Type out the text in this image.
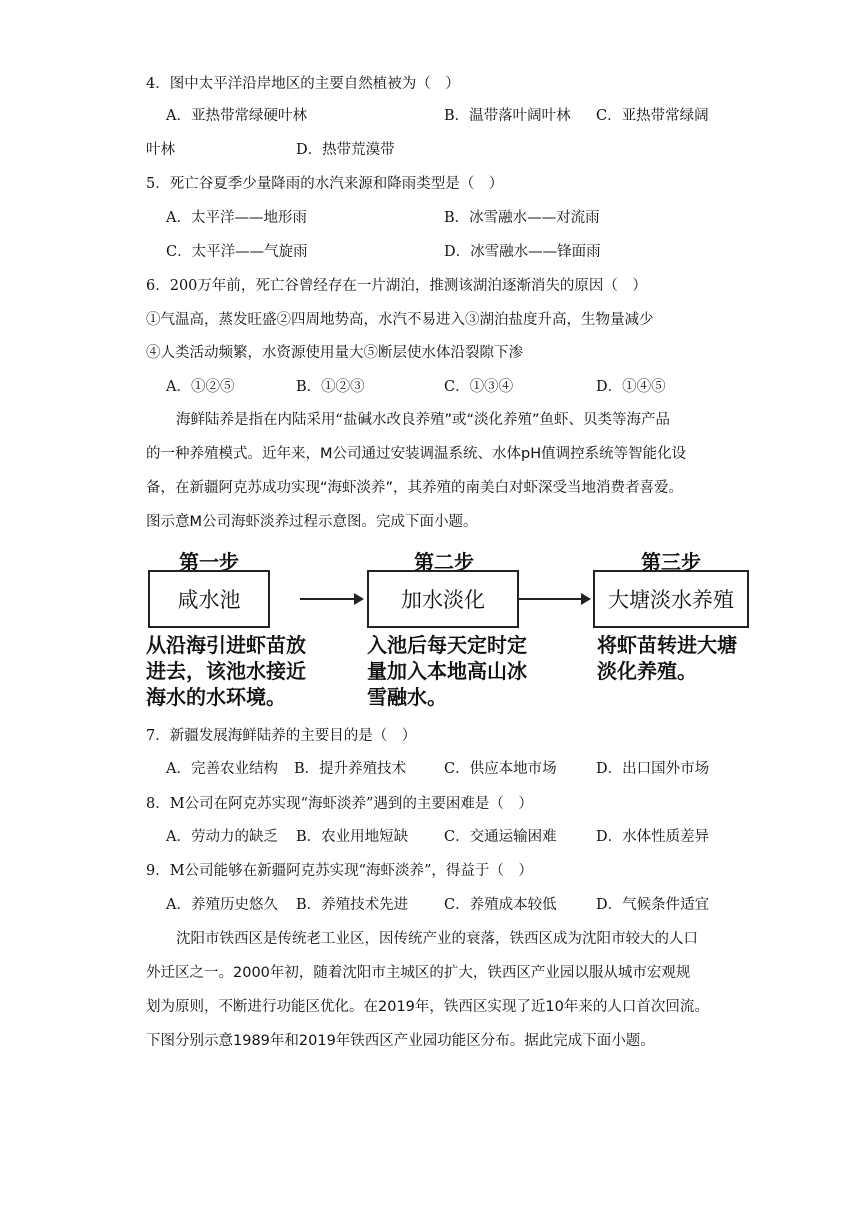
4．图中太平洋沿岸地区的主要自然植被为（　）
A．亚热带常绿硬叶林	B．温带落叶阔叶林 C．亚热带常绿阔
叶林	D．热带荒漠带
5．死亡谷夏季少量降雨的水汽来源和降雨类型是（　）
A．太平洋——地形雨	B．冰雪融水——对流雨
C．太平洋——气旋雨	D．冰雪融水——锋面雨
6．200万年前，死亡谷曾经存在一片湖泊，推测该湖泊逐渐消失的原因（　）
①气温高，蒸发旺盛②四周地势高，水汽不易进入③湖泊盐度升高，生物量减少
④人类活动频繁，水资源使用量大⑤断层使水体沿裂隙下渗
A．①②⑤	B．①②③	C．①③④	D．①④⑤
海鲜陆养是指在内陆采用“盐碱水改良养殖”或“淡化养殖”鱼虾、贝类等海产品
的一种养殖模式。近年来，M公司通过安装调温系统、水体pH值调控系统等智能化设
备，在新疆阿克苏成功实现“海虾淡养”，其养殖的南美白对虾深受当地消费者喜爱。
图示意M公司海虾淡养过程示意图。完成下面小题。
第一步	第二步	第三步
咸水池	加水淡化	大塘淡水养殖
从沿海引进虾苗放
进去，该池水接近
海水的水环境。
入池后每天定时定
量加入本地高山冰
雪融水。
将虾苗转进大塘
淡化养殖。
7．新疆发展海鲜陆养的主要目的是（　）
A．完善农业结构 B．提升养殖技术	C．供应本地市场	D．出口国外市场
8．M公司在阿克苏实现“海虾淡养”遇到的主要困难是（　）
A．劳动力的缺乏 B．农业用地短缺 C．交通运输困难	D．水体性质差异
9．M公司能够在新疆阿克苏实现“海虾淡养”，得益于（　）
A．养殖历史悠久 B．养殖技术先进 C．养殖成本较低	D．气候条件适宜
沈阳市铁西区是传统老工业区，因传统产业的衰落，铁西区成为沈阳市较大的人口
外迁区之一。2000年初，随着沈阳市主城区的扩大，铁西区产业园以服从城市宏观规
划为原则，不断进行功能区优化。在2019年，铁西区实现了近10年来的人口首次回流。
下图分别示意1989年和2019年铁西区产业园功能区分布。据此完成下面小题。
